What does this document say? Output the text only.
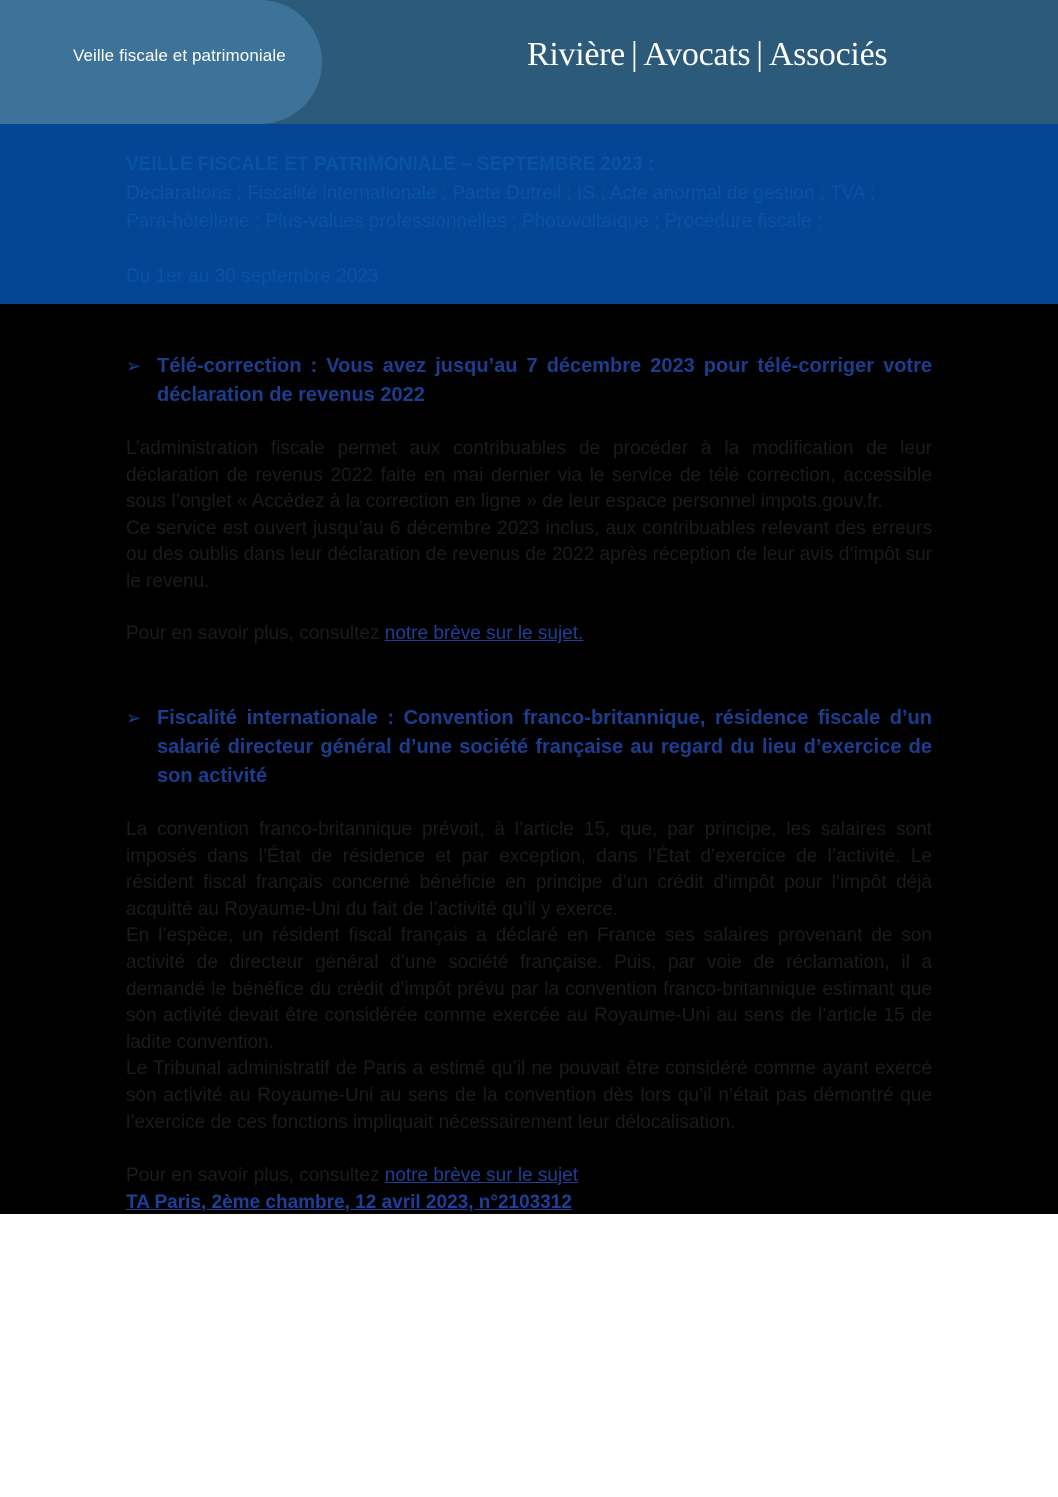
Veille fiscale et patrimoniale	Rivière | Avocats | Associés
VEILLE FISCALE ET PATRIMONIALE – SEPTEMBRE 2023 :
Déclarations ; Fiscalité internationale ; Pacte Dutreil ; IS ; Acte anormal de gestion ; TVA ;
Para-hôtellerie ; Plus-values professionnelles ; Photovoltaïque ; Procédure fiscale ;
Du 1er au 30 septembre 2023
➢ Télé-correction : Vous avez jusqu’au 7 décembre 2023 pour télé-corriger votre déclaration de revenus 2022

L’administration fiscale permet aux contribuables de procéder à la modification de leur déclaration de revenus 2022 faite en mai dernier via le service de télé correction, accessible sous l’onglet « Accédez à la correction en ligne » de leur espace personnel impots.gouv.fr.

Ce service est ouvert jusqu’au 6 décembre 2023 inclus, aux contribuables relevant des erreurs ou des oublis dans leur déclaration de revenus de 2022 après réception de leur avis d’impôt sur le revenu.

Pour en savoir plus, consultez notre brève sur le sujet.
➢ Fiscalité internationale : Convention franco-britannique, résidence fiscale d’un salarié directeur général d’une société française au regard du lieu d’exercice de son activité

La convention franco-britannique prévoit, à l’article 15, que, par principe, les salaires sont imposés dans l’État de résidence et par exception, dans l’État d’exercice de l’activité. Le résident fiscal français concerné bénéficie en principe d’un crédit d’impôt pour l’impôt déjà acquitté au Royaume-Uni du fait de l’activité qu’il y exerce.

En l’espèce, un résident fiscal français a déclaré en France ses salaires provenant de son activité de directeur général d’une société française. Puis, par voie de réclamation, il a demandé le bénéfice du crédit d’impôt prévu par la convention franco-britannique estimant que son activité devait être considérée comme exercée au Royaume-Uni au sens de l’article 15 de ladite convention.

Le Tribunal administratif de Paris a estimé qu’il ne pouvait être considéré comme ayant exercé son activité au Royaume-Uni au sens de la convention dès lors qu’il n’était pas démontré que l’exercice de ces fonctions impliquait nécessairement leur délocalisation.

Pour en savoir plus, consultez notre brève sur le sujet
TA Paris, 2ème chambre, 12 avril 2023, n°2103312
